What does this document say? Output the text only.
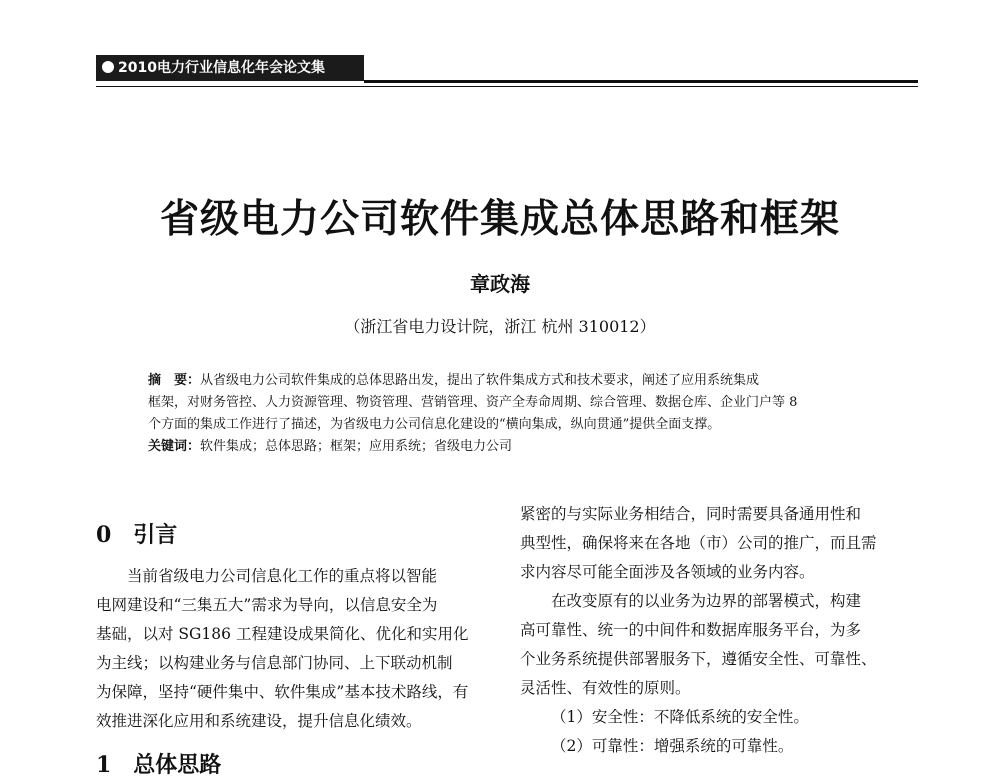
2010电力行业信息化年会论文集
省级电力公司软件集成总体思路和框架
章政海
（浙江省电力设计院，浙江 杭州 310012）
摘　要：从省级电力公司软件集成的总体思路出发，提出了软件集成方式和技术要求，阐述了应用系统集成
框架，对财务管控、人力资源管理、物资管理、营销管理、资产全寿命周期、综合管理、数据仓库、企业门户等 8
个方面的集成工作进行了描述，为省级电力公司信息化建设的“横向集成，纵向贯通”提供全面支撑。
关键词：软件集成；总体思路；框架；应用系统；省级电力公司
0　引言
当前省级电力公司信息化工作的重点将以智能
电网建设和“三集五大”需求为导向，以信息安全为
基础，以对 SG186 工程建设成果简化、优化和实用化
为主线；以构建业务与信息部门协同、上下联动机制
为保障，坚持“硬件集中、软件集成”基本技术路线，有
效推进深化应用和系统建设，提升信息化绩效。
1　总体思路
紧密的与实际业务相结合，同时需要具备通用性和
典型性，确保将来在各地（市）公司的推广，而且需
求内容尽可能全面涉及各领域的业务内容。
在改变原有的以业务为边界的部署模式，构建
高可靠性、统一的中间件和数据库服务平台，为多
个业务系统提供部署服务下，遵循安全性、可靠性、
灵活性、有效性的原则。
（1）安全性：不降低系统的安全性。
（2）可靠性：增强系统的可靠性。
